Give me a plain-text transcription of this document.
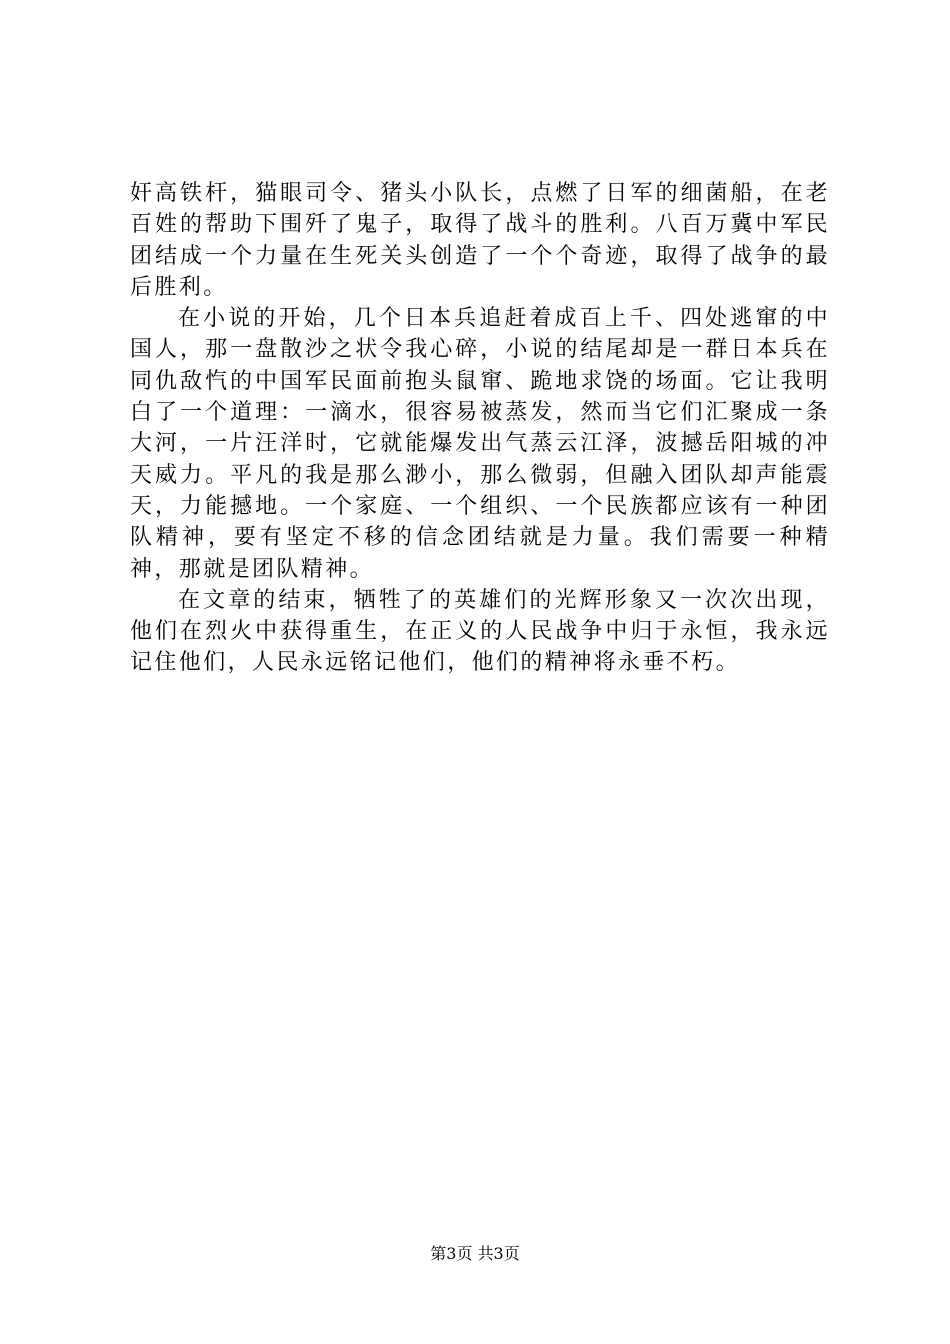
奸高铁杆，猫眼司令、猪头小队长，点燃了日军的细菌船，在老百姓的帮助下围歼了鬼子，取得了战斗的胜利。八百万冀中军民团结成一个力量在生死关头创造了一个个奇迹，取得了战争的最后胜利。

在小说的开始，几个日本兵追赶着成百上千、四处逃窜的中国人，那一盘散沙之状令我心碎，小说的结尾却是一群日本兵在同仇敌忾的中国军民面前抱头鼠窜、跪地求饶的场面。它让我明白了一个道理：一滴水，很容易被蒸发，然而当它们汇聚成一条大河，一片汪洋时，它就能爆发出气蒸云江泽，波撼岳阳城的冲天威力。平凡的我是那么渺小，那么微弱，但融入团队却声能震天，力能撼地。一个家庭、一个组织、一个民族都应该有一种团队精神，要有坚定不移的信念团结就是力量。我们需要一种精神，那就是团队精神。

在文章的结束，牺牲了的英雄们的光辉形象又一次次出现，他们在烈火中获得重生，在正义的人民战争中归于永恒，我永远记住他们，人民永远铭记他们，他们的精神将永垂不朽。

第3页 共3页
